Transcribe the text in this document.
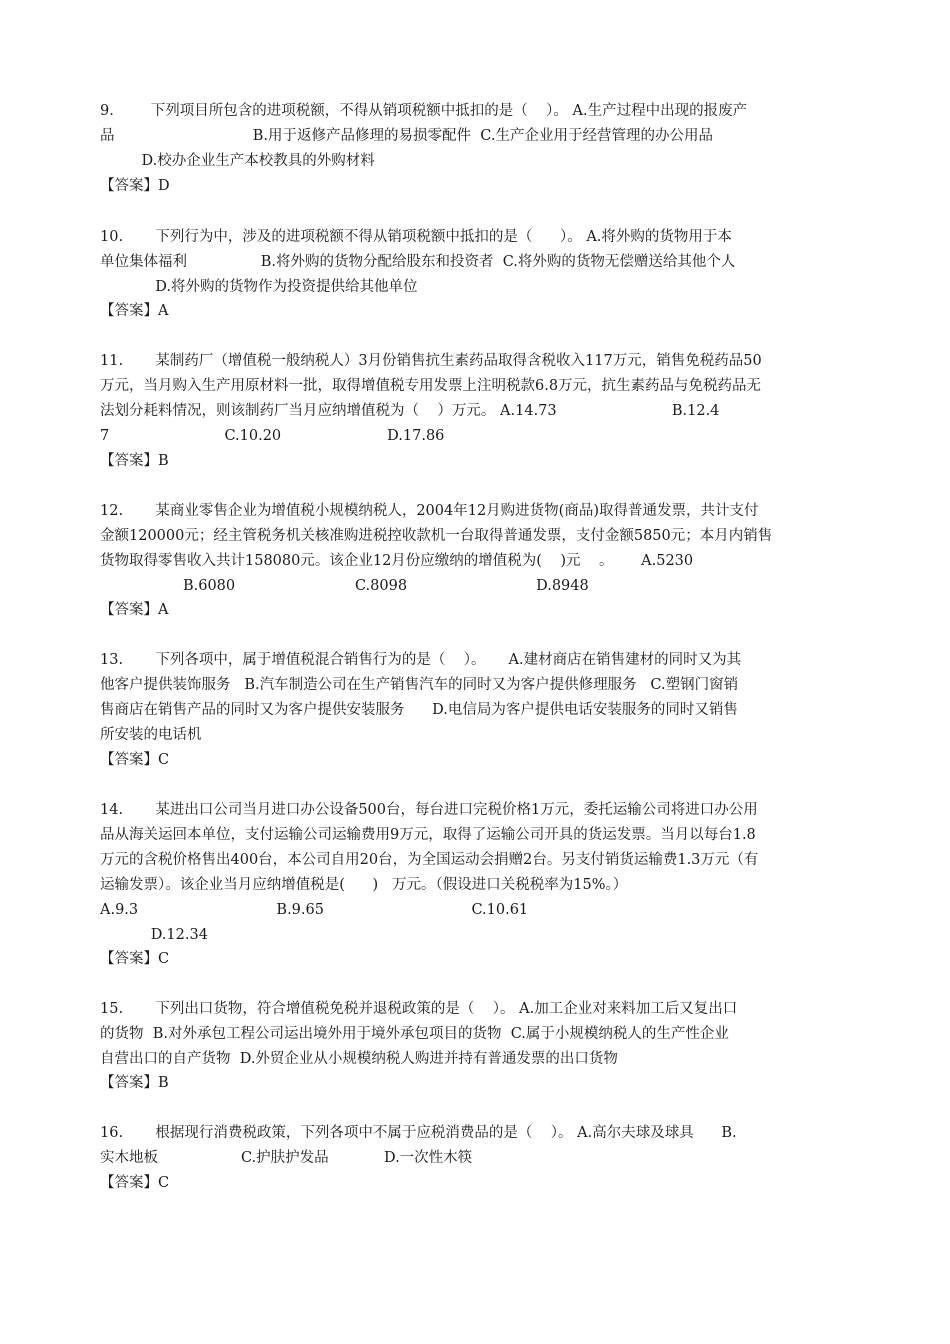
9.        下列项目所包含的进项税额，不得从销项税额中抵扣的是（    ）。 A.生产过程中出现的报废产
品                              B.用于返修产品修理的易损零配件  C.生产企业用于经营管理的办公用品
D.校办企业生产本校教具的外购材料
【答案】D
10.       下列行为中，涉及的进项税额不得从销项税额中抵扣的是（      ）。 A.将外购的货物用于本
单位集体福利                B.将外购的货物分配给股东和投资者  C.将外购的货物无偿赠送给其他个人
D.将外购的货物作为投资提供给其他单位
【答案】A
11.       某制药厂（增值税一般纳税人）3月份销售抗生素药品取得含税收入117万元，销售免税药品50
万元，当月购入生产用原材料一批，取得增值税专用发票上注明税款6.8万元，抗生素药品与免税药品无
法划分耗料情况，则该制药厂当月应纳增值税为（    ）万元。 A.14.73                         B.12.4
7                         C.10.20                       D.17.86
【答案】B
12.       某商业零售企业为增值税小规模纳税人，2004年12月购进货物(商品)取得普通发票，共计支付
金额120000元；经主管税务机关核准购进税控收款机一台取得普通发票，支付金额5850元；本月内销售
货物取得零售收入共计158080元。该企业12月份应缴纳的增值税为(    )元    。      A.5230
B.6080                          C.8098                            D.8948
【答案】A
13.       下列各项中，属于增值税混合销售行为的是（    ）。     A.建材商店在销售建材的同时又为其
他客户提供装饰服务   B.汽车制造公司在生产销售汽车的同时又为客户提供修理服务   C.塑钢门窗销
售商店在销售产品的同时又为客户提供安装服务      D.电信局为客户提供电话安装服务的同时又销售
所安装的电话机
【答案】C
14.       某进出口公司当月进口办公设备500台，每台进口完税价格1万元，委托运输公司将进口办公用
品从海关运回本单位，支付运输公司运输费用9万元，取得了运输公司开具的货运发票。当月以每台1.8
万元的含税价格售出400台，本公司自用20台，为全国运动会捐赠2台。另支付销货运输费1.3万元（有
运输发票）。该企业当月应纳增值税是(      )   万元。（假设进口关税税率为15%。）
A.9.3                              B.9.65                                C.10.61
D.12.34
【答案】C
15.       下列出口货物，符合增值税免税并退税政策的是（    ）。 A.加工企业对来料加工后又复出口
的货物  B.对外承包工程公司运出境外用于境外承包项目的货物  C.属于小规模纳税人的生产性企业
自营出口的自产货物  D.外贸企业从小规模纳税人购进并持有普通发票的出口货物
【答案】B
16.       根据现行消费税政策，下列各项中不属于应税消费品的是（    ）。 A.高尔夫球及球具      B.
实木地板                  C.护肤护发品            D.一次性木筷
【答案】C
